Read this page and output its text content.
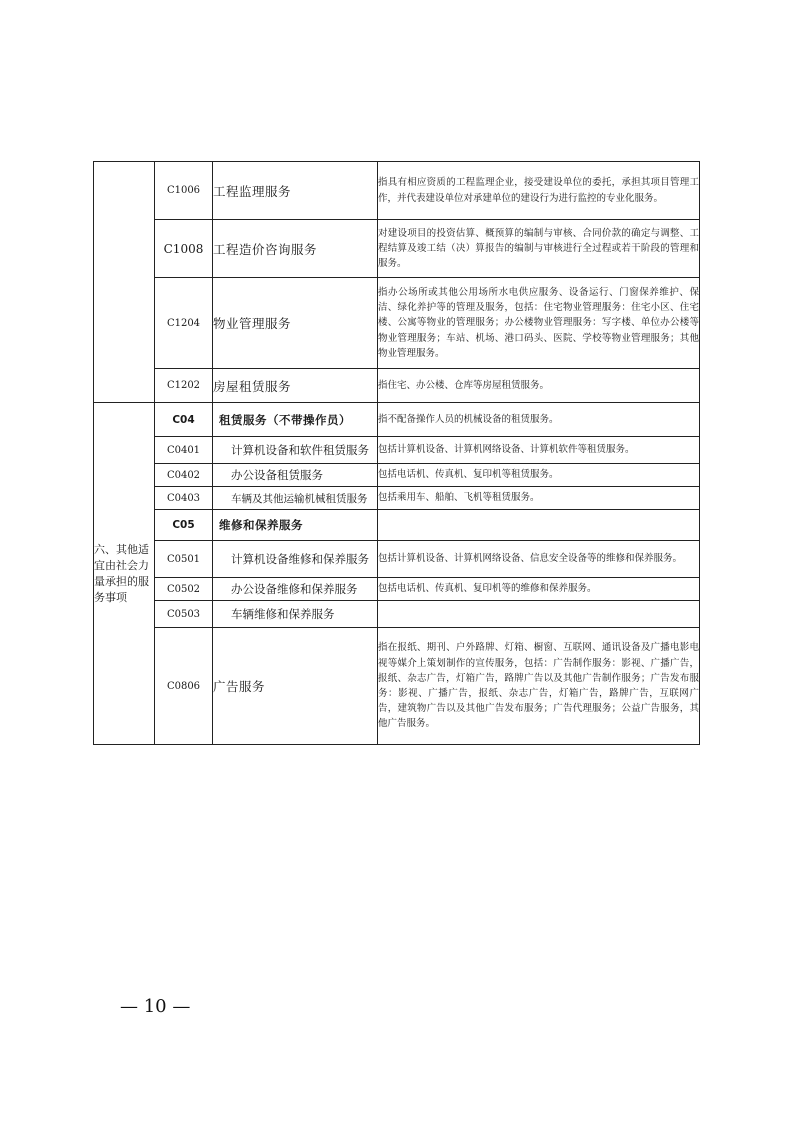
	C1006	工程监理服务	指具有相应资质的工程监理企业，接受建设单位的委托，承担其项目管理工作，并代表建设单位对承建单位的建设行为进行监控的专业化服务。
	C1008	工程造价咨询服务	对建设项目的投资估算、概预算的编制与审核、合同价款的确定与调整、工程结算及竣工结（决）算报告的编制与审核进行全过程或若干阶段的管理和服务。
	C1204	物业管理服务	指办公场所或其他公用场所水电供应服务、设备运行、门窗保养维护、保洁、绿化养护等的管理及服务，包括：住宅物业管理服务：住宅小区、住宅楼、公寓等物业的管理服务；办公楼物业管理服务：写字楼、单位办公楼等物业管理服务；车站、机场、港口码头、医院、学校等物业管理服务；其他物业管理服务。
	C1202	房屋租赁服务	指住宅、办公楼、仓库等房屋租赁服务。
六、其他适宜由社会力量承担的服务事项	C04	租赁服务（不带操作员）	指不配备操作人员的机械设备的租赁服务。
	C0401	计算机设备和软件租赁服务	包括计算机设备、计算机网络设备、计算机软件等租赁服务。
	C0402	办公设备租赁服务	包括电话机、传真机、复印机等租赁服务。
	C0403	车辆及其他运输机械租赁服务	包括乘用车、船舶、飞机等租赁服务。
	C05	维修和保养服务	
	C0501	计算机设备维修和保养服务	包括计算机设备、计算机网络设备、信息安全设备等的维修和保养服务。
	C0502	办公设备维修和保养服务	包括电话机、传真机、复印机等的维修和保养服务。
	C0503	车辆维修和保养服务	
	C0806	广告服务	指在报纸、期刊、户外路牌、灯箱、橱窗、互联网、通讯设备及广播电影电视等媒介上策划制作的宣传服务，包括：广告制作服务：影视、广播广告，报纸、杂志广告，灯箱广告，路牌广告以及其他广告制作服务；广告发布服务：影视、广播广告，报纸、杂志广告，灯箱广告，路牌广告，互联网广告，建筑物广告以及其他广告发布服务；广告代理服务；公益广告服务，其他广告服务。
— 10 —
